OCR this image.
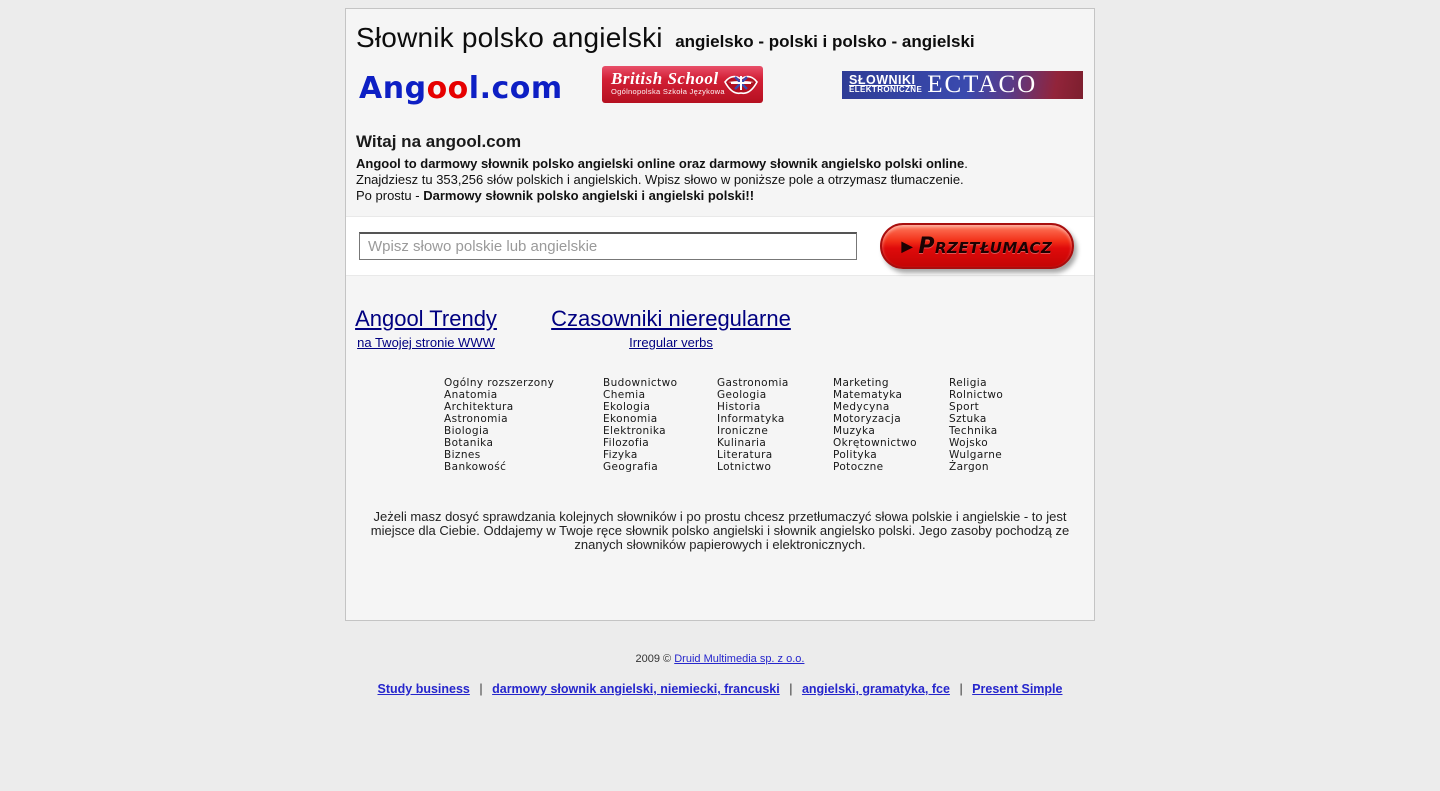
Słownik polsko angielski angielsko - polski i polsko - angielski
Angool.com	British School
Ogólnopolska Szkoła Językowa
SŁOWNIKI
ELEKTRONICZNE ECTACO
Witaj na angool.com
Angool to darmowy słownik polsko angielski online oraz darmowy słownik angielsko polski online.
Znajdziesz tu 353,256 słów polskich i angielskich. Wpisz słowo w poniższe pole a otrzymasz tłumaczenie.
Po prostu - Darmowy słownik polsko angielski i angielski polski!!
Wpisz słowo polskie lub angielskie
▶ Przetłumacz
Angool Trendy
na Twojej stronie WWW
Czasowniki nieregularne
Irregular verbs
Ogólny rozszerzony
Anatomia
Architektura
Astronomia
Biologia
Botanika
Biznes
Bankowość
Budownictwo
Chemia
Ekologia
Ekonomia
Elektronika
Filozofia
Fizyka
Geografia
Gastronomia
Geologia
Historia
Informatyka
Ironiczne
Kulinaria
Literatura
Lotnictwo
Marketing
Matematyka
Medycyna
Motoryzacja
Muzyka
Okrętownictwo
Polityka
Potoczne
Religia
Rolnictwo
Sport
Sztuka
Technika
Wojsko
Wulgarne
Żargon
Jeżeli masz dosyć sprawdzania kolejnych słowników i po prostu chcesz przetłumaczyć słowa polskie i angielskie - to jest miejsce dla Ciebie. Oddajemy w Twoje ręce słownik polsko angielski i słownik angielsko polski. Jego zasoby pochodzą ze znanych słowników papierowych i elektronicznych.
2009 © Druid Multimedia sp. z o.o.
Study business | darmowy słownik angielski, niemiecki, francuski | angielski, gramatyka, fce | Present Simple
